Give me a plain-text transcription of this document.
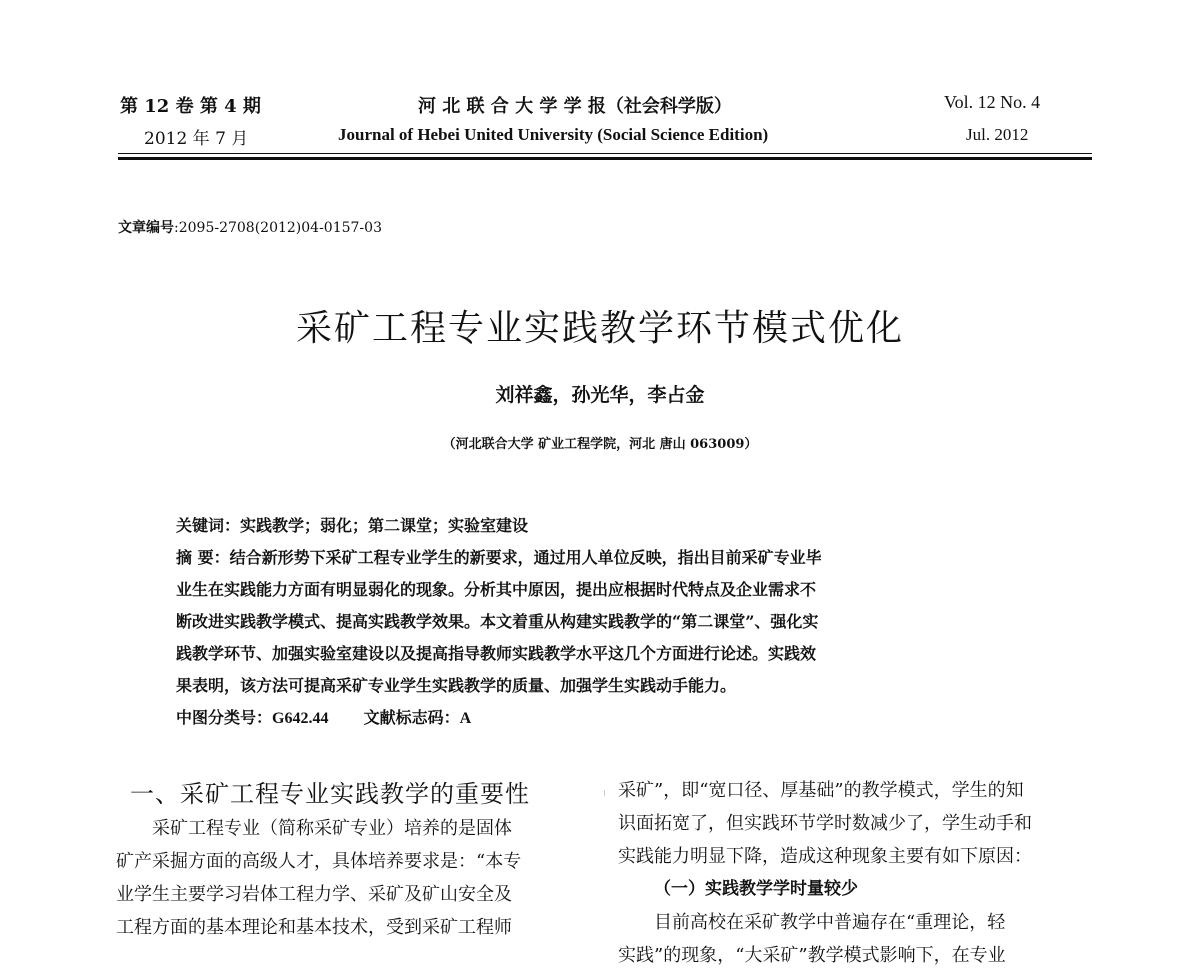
第 12 卷 第 4 期
2012 年 7 月
河 北 联 合 大 学 学 报（社会科学版）
Journal of Hebei United University (Social Science Edition)
Vol. 12 No. 4
Jul. 2012
文章编号:2095-2708(2012)04-0157-03
采矿工程专业实践教学环节模式优化
刘祥鑫，孙光华，李占金
（河北联合大学 矿业工程学院，河北 唐山 063009）
关键词：实践教学；弱化；第二课堂；实验室建设
摘 要：结合新形势下采矿工程专业学生的新要求，通过用人单位反映，指出目前采矿专业毕
业生在实践能力方面有明显弱化的现象。分析其中原因，提出应根据时代特点及企业需求不
断改进实践教学模式、提高实践教学效果。本文着重从构建实践教学的“第二课堂”、强化实
践教学环节、加强实验室建设以及提高指导教师实践教学水平这几个方面进行论述。实践效
果表明，该方法可提高采矿专业学生实践教学的质量、加强学生实践动手能力。
中图分类号：G642.44 文献标志码：A
一、采矿工程专业实践教学的重要性
采矿工程专业（简称采矿专业）培养的是固体
矿产采掘方面的高级人才，具体培养要求是：“本专
业学生主要学习岩体工程力学、采矿及矿山安全及
工程方面的基本理论和基本技术，受到采矿工程师
采矿”，即“宽口径、厚基础”的教学模式，学生的知
识面拓宽了，但实践环节学时数减少了，学生动手和
实践能力明显下降，造成这种现象主要有如下原因：
（一）实践教学学时量较少
目前高校在采矿教学中普遍存在“重理论，轻
实践”的现象，“大采矿”教学模式影响下，在专业
